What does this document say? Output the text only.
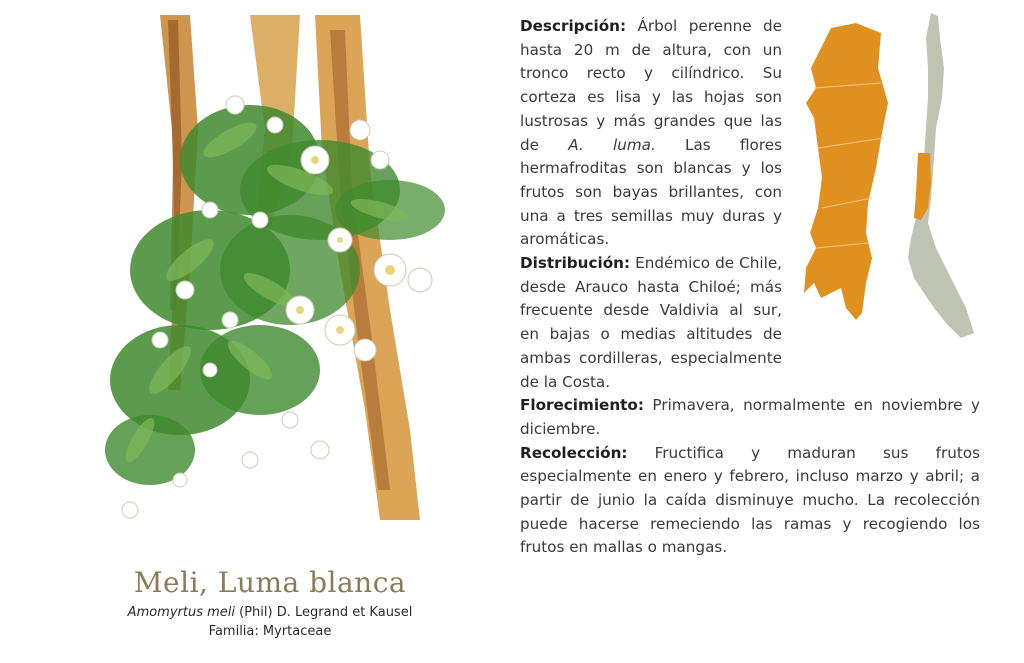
Meli, Luma blanca
Amomyrtus meli (Phil) D. Legrand et Kausel
Familia: Myrtaceae

Descripción: Árbol perenne de hasta 20 m de altura, con un tronco recto y cilíndrico. Su corteza es lisa y las hojas son lustrosas y más grandes que las de A. luma. Las flores hermafroditas son blancas y los frutos son bayas brillantes, con una a tres semillas muy duras y aromáticas.

Distribución: Endémico de Chile, desde Arauco hasta Chiloé; más frecuente desde Valdivia al sur, en bajas o medias altitudes de ambas cordilleras, especialmente de la Costa.

Florecimiento: Primavera, normalmente en noviembre y diciembre.

Recolección: Fructifica y maduran sus frutos especialmente en enero y febrero, incluso marzo y abril; a partir de junio la caída disminuye mucho. La recolección puede hacerse remeciendo las ramas y recogiendo los frutos en mallas o mangas.
